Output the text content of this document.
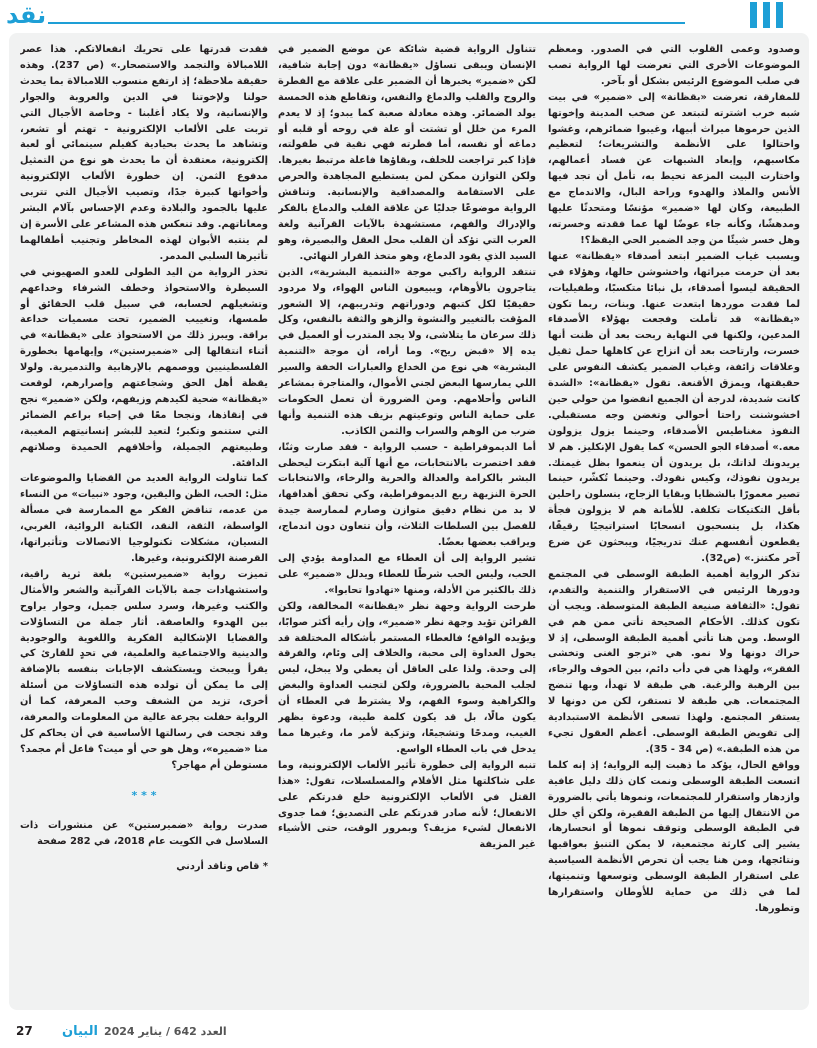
نقد

وصدود وعمى القلوب التي في الصدور. ومعظم الموضوعات الأخرى التي تعرضت لها الرواية تصب في صلب الموضوع الرئيس بشكل أو بآخر.

للمفارقة، تعرضت «بقظانة» إلى «ضمير» في بيت شبه خرب اشترته لتبتعد عن صخب المدينة وإخوتها الذين حرموها ميراث أبيها، وغيبوا ضمائرهم، وغشوا واحتالوا على الأنظمة والتشريعات؛ لتعظيم مكاسبهم، وإبعاد الشبهات عن فساد أعمالهم، واختارت البيت المزعة تحيط به، تأمل أن تجد فيها الأنس والملاذ والهدوء وراحة البال، والاندماج مع الطبيعة، وكان لها «ضمير» مؤنسًا ومتحدثًا عليها ومدهشًا، وكأنه جاء عوضًا لها عما فقدته وخسرته، وهل خسر شيئًا من وجد الضمير الحي اليقظ؟!

ويسبب غياب الضمير ابتعد أصدقاء «يقظانة» عنها بعد أن حرمت ميراثها، واخشوشن حالها، وهؤلاء في الحقيقة ليسوا أصدقاء، بل نبائا متكسبًا، وطفيليات، لما فقدت موردها ابتعدت عنها. وبنات، ربما تكون «يقظانة» قد تأملت وفجعت بهؤلاء الأصدقاء المدعين، ولكنها في النهاية ربحت بعد أن ظنت أنها خسرت، وارتاحت بعد أن انزاح عن كاهلها حمل ثقيل وعلاقات زائفة، وغياب الضمير يكشف النفوس على حقيقتها، ويمزق الأقنعة. تقول «يقظانة»: «الشدة كانت شديدة، لدرجة أن الجميع انفضوا من حولي حين اخشوشنت راحتا أحوالي وتغضن وجه مستقبلي. النفوذ مغناطيس الأصدقاء، وحينما يزول يزولون معه.» أصدقاء الجو الحسن» كما يقول الإنكليز. هم لا يريدونك لذاتك، بل يريدون أن ينعموا بظل غيمتك. يريدون نفوذك، وكيس نقودك. وحينما تُكشّر، حينما تصير معمورًا بالشظايا وبقايا الزجاج، ينسلون راحلين بأقل التكتيكات تكلفة. للأمانة هم لا يزولون فجأة هكذا، بل ينسحبون انسحابًا استراتيجيًا رقيقًا، يقطعون أنفسهم عنك تدريجيًا، ويبحثون عن ضرع آخر مكتنز.» (ص32).

تذكر الرواية أهمية الطبقة الوسطى في المجتمع ودورها الرئيس في الاستقرار والتنمية والتقدم، تقول: «الثقافة صنيعة الطبقة المتوسطة. ويجب أن تكون كذلك. الأحكام الصحيحة تأتي ممن هم في الوسط. ومن هنا تأتي أهمية الطبقة الوسطى، إذ لا حراك دونها ولا نمو. هي «ترجو الغنى وتخشى الفقر»، ولهذا هي في دأب دائم، بين الخوف والرجاء، بين الرهبة والرغبة. هي طبقة لا تهدأ، وبها تنضج المجتمعات. هي طبقة لا تستقر، لكن من دونها لا يستقر المجتمع. ولهذا تسعى الأنظمة الاستبدادية إلى تقويض الطبقة الوسطى. أعظم العقول تجيء من هذه الطبقة.» (ص 34 - 35).

وواقع الحال، يؤكد ما ذهبت إليه الرواية؛ إذ إنه كلما اتسعت الطبقة الوسطى ونمت كان ذلك دليل عافية وازدهار واستقرار للمجتمعات، ونموها يأتي بالضرورة من الانتقال إليها من الطبقة الفقيرة، ولكن أي خلل في الطبقة الوسطى وتوقف نموها أو انحسارها، يشير إلى كارثة مجتمعية، لا يمكن التنبؤ بعواقبها ونتائجها، ومن هنا يجب أن تحرص الأنظمة السياسية على استقرار الطبقة الوسطى وتوسعها وتنميتها، لما في ذلك من حماية للأوطان واستقرارها وتطورها.

تتناول الرواية قضية شائكة عن موضع الضمير في الإنسان ويبقى تساؤل «يقظانة» دون إجابة شافية، لكن «ضمير» يخبرها أن الضمير على علاقة مع الفطرة والروح والقلب والدماغ والنفس، وتقاطع هذه الخمسة يولد الضمائر. وهذه معادلة صعبة كما يبدو؛ إذ لا يعدم المرء من خلل أو تشتت أو علة في روحه أو قلبه أو دماغه أو نفسه، أما فطرته فهي نقية في طفولته، فإذا كبر تراجعت للخلف، وبقاؤها فاعلة مرتبط بغيرها. ولكن التوازن ممكن لمن يستطيع المجاهدة والحرص على الاستقامة والمصداقية والإنسانية. وتناقش الرواية موضوعًا جدليًا عن علاقة القلب والدماغ بالفكر والإدراك والفهم، مستشهدة بالآيات القرآنية ولغة العرب التي تؤكد أن القلب محل العقل والبصيرة، وهو السيد الذي يقود الدماغ، وهو متخذ القرار النهائي.

تنتقد الرواية راكبي موجة «التنمية البشرية»، الذين يتاجرون بالأوهام، ويبيعون الناس الهواء، ولا مردود حقيقيًا لكل كتبهم ودوراتهم وتدريبهم، إلا الشعور المؤقت بالتغيير والنشوة والزهو والثقة بالنفس، وكل ذلك سرعان ما يتلاشى، ولا يجد المتدرب أو العميل في يده إلا «قبض ريح». وما أراه، أن موجة «التنمية البشرية» هي نوع من الخداع والعبارات الخفة والسير اللي يمارسها البعض لجني الأموال، والمتاجرة بمشاعر الناس وأحلامهم. ومن الضرورة أن تعمل الحكومات على حماية الناس وتوعيتهم بزيف هذه التنمية وأنها ضرب من الوهم والسراب والثمن الكاذب.

أما الديموقراطية - حسب الرواية - فقد صارت وثنًا، فقد اختصرت بالانتخابات، مع أنها آلية ابتكرت ليحظى البشر بالكرامة والعدالة والحرية والرخاء، والانتخابات الحرة النزيهة ربع الديموقراطية، وكي تحقق أهدافها، لا بد من نظام دقيق متوازن وصارم لممارسة جيدة للفصل بين السلطات الثلاث، وأن تتعاون دون اندماج، ويراقب بعضها بعضًا.

تشير الرواية إلى أن العطاء مع المداومة يؤدي إلى الحب، وليس الحب شرطًا للعطاء ويدلل «ضمير» على ذلك بالكثير من الأدلة، ومنها «تهادوا تحابوا».

طرحت الرواية وجهة نظر «يقظانة» المخالفة، ولكن القرائن تؤيد وجهة نظر «ضمير»، وإن رأيه أكثر صوابًا، ويؤيده الواقع؛ فالعطاء المستمر بأشكاله المختلفة قد يحول العداوة إلى محبة، والخلاف إلى وئام، والفرقة إلى وحدة. ولذا على العاقل أن يعطي ولا يبخل، ليس لجلب المحبة بالضرورة، ولكن لتجنب العداوة والبغض والكراهية وسوء الفهم، ولا يشترط في العطاء أن يكون مالًا، بل قد يكون كلمة طيبة، ودعوة بظهر الغيب، ومدحًا وتشجيعًا، وتزكية لأمر ما، وغيرها مما يدخل في باب العطاء الواسع.

تنبه الرواية إلى خطورة تأثير الألعاب الإلكترونية، وما على شاكلتها مثل الأفلام والمسلسلات، تقول: «هذا القتل في الألعاب الإلكترونية خلع قدرتكم على الانفعال؛ لأنه صادر قدرتكم على التصديق؛ فما جدوى الانفعال لشيء مزيف؟ وبمرور الوقت، حتى الأشياء غير المزيفة

فقدت قدرتها على تحريك انفعالاتكم. هذا عصر اللامبالاة والتجمد والاستصحار.» (ص 237). وهذه حقيقة ملاحظة؛ إذ ارتفع منسوب اللامبالاة بما يحدث حولنا ولإخوتنا في الدين والعروبة والجوار والإنسانية، ولا يكاد أغلبنا - وخاصة الأجيال التي تربت على الألعاب الإلكترونية - تهتم أو تشعر، وتشاهد ما يحدث بحيادية كفيلم سينمائي أو لعبة إلكترونية، معتقدة أن ما يحدث هو نوع من التمثيل مدفوع الثمن. إن خطورة الألعاب الإلكترونية وأخواتها كبيرة جدًا، وتصيب الأجيال التي تتربى عليها بالجمود والبلادة وعدم الإحساس بآلام البشر ومعاناتهم. وقد تنعكس هذه المشاعر على الأسرة إن لم ينتبه الأبوان لهذه المخاطر وتجنيب أطفالهما تأثيرها السلبي المدمر.

تحذر الرواية من اليد الطولى للعدو الصهيوني في السيطرة والاستحواذ وخطف الشرفاء وخداعهم وتشغيلهم لحسابه، في سبيل قلب الحقائق أو طمسها، وتغييب الضمير، تحت مسميات خداعة براقة. ويبرز ذلك من الاستحواذ على «يقظانة» في أثناء انتقالها إلى «ضميرستين»، وإيهامها بخطورة الفلسطينيين ووصمهم بالإرهابية والتدميرية. ولولا يقظة أهل الحق وشجاعتهم وإصرارهم، لوقعت «يقظانة» ضحية لكيدهم وزيفهم، ولكن «ضمير» نجح في إنقاذها، ونجحا معًا في إحياء براعم الضمائر التي ستنمو وتكبر؛ لتعيد للبشر إنسانيتهم المغيبة، وطبيعتهم الجميلة، وأخلاقهم الحميدة وصلاتهم الدافئة.

كما تناولت الرواية العديد من القضايا والموضوعات مثل: الحب، الظن واليقين، وجود «نبيات» من النساء من عدمه، تناقض الفكر مع الممارسة في مسألة الواسطة، الثقة، النقد، الكتابة الروائية، الغربي، النسيان، مشكلات تكنولوجيا الاتصالات وتأثيراتها، القرصنة الإلكترونية، وغيرها.

تميزت رواية «ضميرستين» بلغة ثرية راقية، واستشهادات جمة بالآيات القرآنية والشعر والأمثال والكتب وغيرها، وسرد سلس جميل، وحوار يراوح بين الهدوء والعاصفة. أثار جملة من التساؤلات والقضايا الإشكالية الفكرية واللغوية والوجودية والدينية والاجتماعية والعلمية، في تحدٍ للقارئ كي يقرأ ويبحث ويستكشف الإجابات بنفسه بالإضافة إلى ما يمكن أن تولده هذه التساؤلات من أسئلة أخرى، تزيد من الشغف وحب المعرفة، كما أن الرواية حفلت بجرعة عالية من المعلومات والمعرفة، وقد نجحت في رسالتها الأساسية في أن يحاكم كل منا «ضميره»، وهل هو حي أو ميت؟ فاعل أم مجمد؟ مستوطن أم مهاجر؟

* * *

صدرت رواية «ضميرستين» عن منشورات ذات السلاسل في الكويت عام 2018، في 282 صفحة

* قاص وناقد أردني

27	العدد 642 / يناير 2024
البيان
